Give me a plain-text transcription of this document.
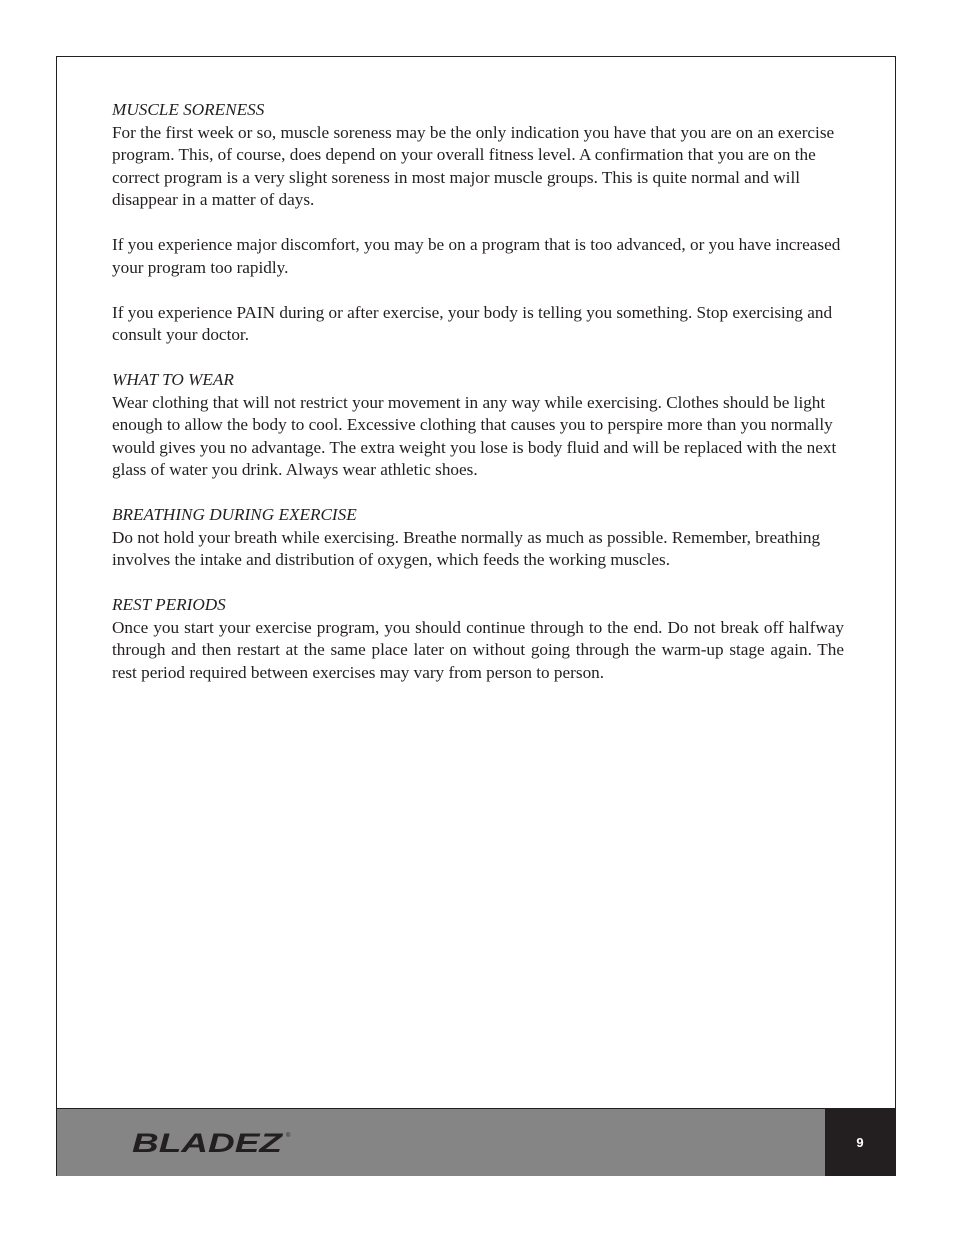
MUSCLE SORENESS

For the first week or so, muscle soreness may be the only indication you have that you are on an exercise program. This, of course, does depend on your overall fitness level. A confirmation that you are on the correct program is a very slight soreness in most major muscle groups. This is quite normal and will disappear in a matter of days.

If you experience major discomfort, you may be on a program that is too advanced, or you have increased your program too rapidly.

If you experience PAIN during or after exercise, your body is telling you something. Stop exercising and consult your doctor.

WHAT TO WEAR

Wear clothing that will not restrict your movement in any way while exercising. Clothes should be light enough to allow the body to cool. Excessive clothing that causes you to perspire more than you normally would gives you no advantage. The extra weight you lose is body fluid and will be replaced with the next glass of water you drink. Always wear athletic shoes.

BREATHING DURING EXERCISE

Do not hold your breath while exercising. Breathe normally as much as possible. Remember, breathing involves the intake and distribution of oxygen, which feeds the working muscles.

REST PERIODS

Once you start your exercise program, you should continue through to the end. Do not break off halfway through and then restart at the same place later on without going through the warm-up stage again. The rest period required between exercises may vary from person to person.

BLADEZ ®	9
